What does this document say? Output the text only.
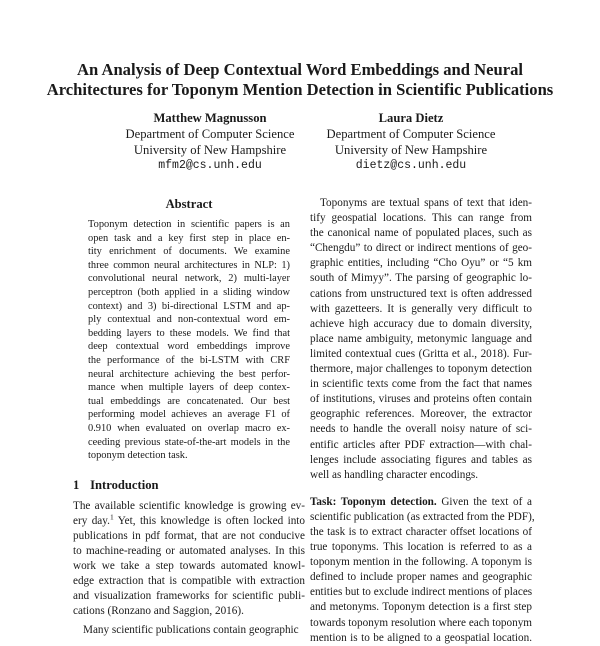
An Analysis of Deep Contextual Word Embeddings and Neural
Architectures for Toponym Mention Detection in Scientific Publications
Matthew Magnusson
Department of Computer Science
University of New Hampshire
mfm2@cs.unh.edu
Laura Dietz
Department of Computer Science
University of New Hampshire
dietz@cs.unh.edu
Abstract
Toponym detection in scientific papers is an
open task and a key first step in place en-
tity enrichment of documents. We examine
three common neural architectures in NLP: 1)
convolutional neural network, 2) multi-layer
perceptron (both applied in a sliding window
context) and 3) bi-directional LSTM and ap-
ply contextual and non-contextual word em-
bedding layers to these models. We find that
deep contextual word embeddings improve
the performance of the bi-LSTM with CRF
neural architecture achieving the best perfor-
mance when multiple layers of deep contex-
tual embeddings are concatenated. Our best
performing model achieves an average F1 of
0.910 when evaluated on overlap macro ex-
ceeding previous state-of-the-art models in the
toponym detection task.
1 Introduction
The available scientific knowledge is growing ev-
ery day.$^1$ Yet, this knowledge is often locked into
publications in pdf format, that are not conducive
to machine-reading or automated analyses. In this
work we take a step towards automated knowl-
edge extraction that is compatible with extraction
and visualization frameworks for scientific publi-
cations (Ronzano and Saggion, 2016).
Many scientific publications contain geographic
Toponyms are textual spans of text that iden-
tify geospatial locations. This can range from
the canonical name of populated places, such as
“Chengdu” to direct or indirect mentions of geo-
graphic entities, including “Cho Oyu” or “5 km
south of Mimyy”. The parsing of geographic lo-
cations from unstructured text is often addressed
with gazetteers. It is generally very difficult to
achieve high accuracy due to domain diversity,
place name ambiguity, metonymic language and
limited contextual cues (Gritta et al., 2018). Fur-
thermore, major challenges to toponym detection
in scientific texts come from the fact that names
of institutions, viruses and proteins often contain
geographic references. Moreover, the extractor
needs to handle the overall noisy nature of sci-
entific articles after PDF extraction—with chal-
lenges include associating figures and tables as
well as handling character encodings.
Task: Toponym detection. Given the text of a
scientific publication (as extracted from the PDF),
the task is to extract character offset locations of
true toponyms. This location is referred to as a
toponym mention in the following. A toponym is
defined to include proper names and geographic
entities but to exclude indirect mentions of places
and metonyms. Toponym detection is a first step
towards toponym resolution where each toponym
mention is to be aligned to a geospatial location.
